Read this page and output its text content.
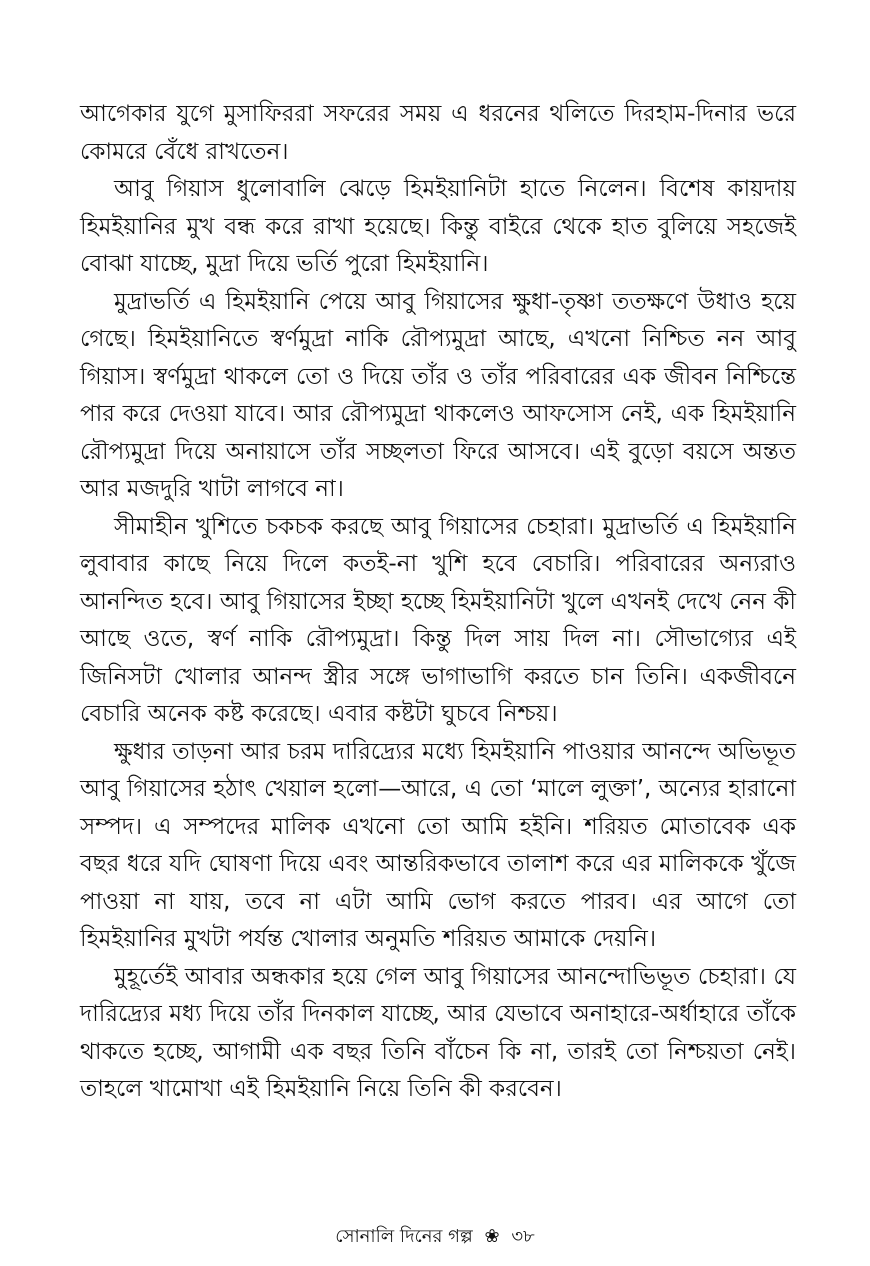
আগেকার যুগে মুসাফিররা সফরের সময় এ ধরনের থলিতে দিরহাম-দিনার ভরে কোমরে বেঁধে রাখতেন।

আবু গিয়াস ধুলোবালি ঝেড়ে হিমইয়ানিটা হাতে নিলেন। বিশেষ কায়দায় হিমইয়ানির মুখ বন্ধ করে রাখা হয়েছে। কিন্তু বাইরে থেকে হাত বুলিয়ে সহজেই বোঝা যাচ্ছে, মুদ্রা দিয়ে ভর্তি পুরো হিমইয়ানি।

মুদ্রাভর্তি এ হিমইয়ানি পেয়ে আবু গিয়াসের ক্ষুধা-তৃষ্ণা ততক্ষণে উধাও হয়ে গেছে। হিমইয়ানিতে স্বর্ণমুদ্রা নাকি রৌপ্যমুদ্রা আছে, এখনো নিশ্চিত নন আবু গিয়াস। স্বর্ণমুদ্রা থাকলে তো ও দিয়ে তাঁর ও তাঁর পরিবারের এক জীবন নিশ্চিন্তে পার করে দেওয়া যাবে। আর রৌপ্যমুদ্রা থাকলেও আফসোস নেই, এক হিমইয়ানি রৌপ্যমুদ্রা দিয়ে অনায়াসে তাঁর সচ্ছলতা ফিরে আসবে। এই বুড়ো বয়সে অন্তত আর মজদুরি খাটা লাগবে না।

সীমাহীন খুশিতে চকচক করছে আবু গিয়াসের চেহারা। মুদ্রাভর্তি এ হিমইয়ানি লুবাবার কাছে নিয়ে দিলে কতই-না খুশি হবে বেচারি। পরিবারের অন্যরাও আনন্দিত হবে। আবু গিয়াসের ইচ্ছা হচ্ছে হিমইয়ানিটা খুলে এখনই দেখে নেন কী আছে ওতে, স্বর্ণ নাকি রৌপ্যমুদ্রা। কিন্তু দিল সায় দিল না। সৌভাগ্যের এই জিনিসটা খোলার আনন্দ স্ত্রীর সঙ্গে ভাগাভাগি করতে চান তিনি। একজীবনে বেচারি অনেক কষ্ট করেছে। এবার কষ্টটা ঘুচবে নিশ্চয়।

ক্ষুধার তাড়না আর চরম দারিদ্র্যের মধ্যে হিমইয়ানি পাওয়ার আনন্দে অভিভূত আবু গিয়াসের হঠাৎ খেয়াল হলো—আরে, এ তো ‘মালে লুক্তা’, অন্যের হারানো সম্পদ। এ সম্পদের মালিক এখনো তো আমি হইনি। শরিয়ত মোতাবেক এক বছর ধরে যদি ঘোষণা দিয়ে এবং আন্তরিকভাবে তালাশ করে এর মালিককে খুঁজে পাওয়া না যায়, তবে না এটা আমি ভোগ করতে পারব। এর আগে তো হিমইয়ানির মুখটা পর্যন্ত খোলার অনুমতি শরিয়ত আমাকে দেয়নি।

মুহূর্তেই আবার অন্ধকার হয়ে গেল আবু গিয়াসের আনন্দোভিভূত চেহারা। যে দারিদ্র্যের মধ্য দিয়ে তাঁর দিনকাল যাচ্ছে, আর যেভাবে অনাহারে-অর্ধাহারে তাঁকে থাকতে হচ্ছে, আগামী এক বছর তিনি বাঁচেন কি না, তারই তো নিশ্চয়তা নেই। তাহলে খামোখা এই হিমইয়ানি নিয়ে তিনি কী করবেন।

সোনালি দিনের গল্প ❀ ৩৮
